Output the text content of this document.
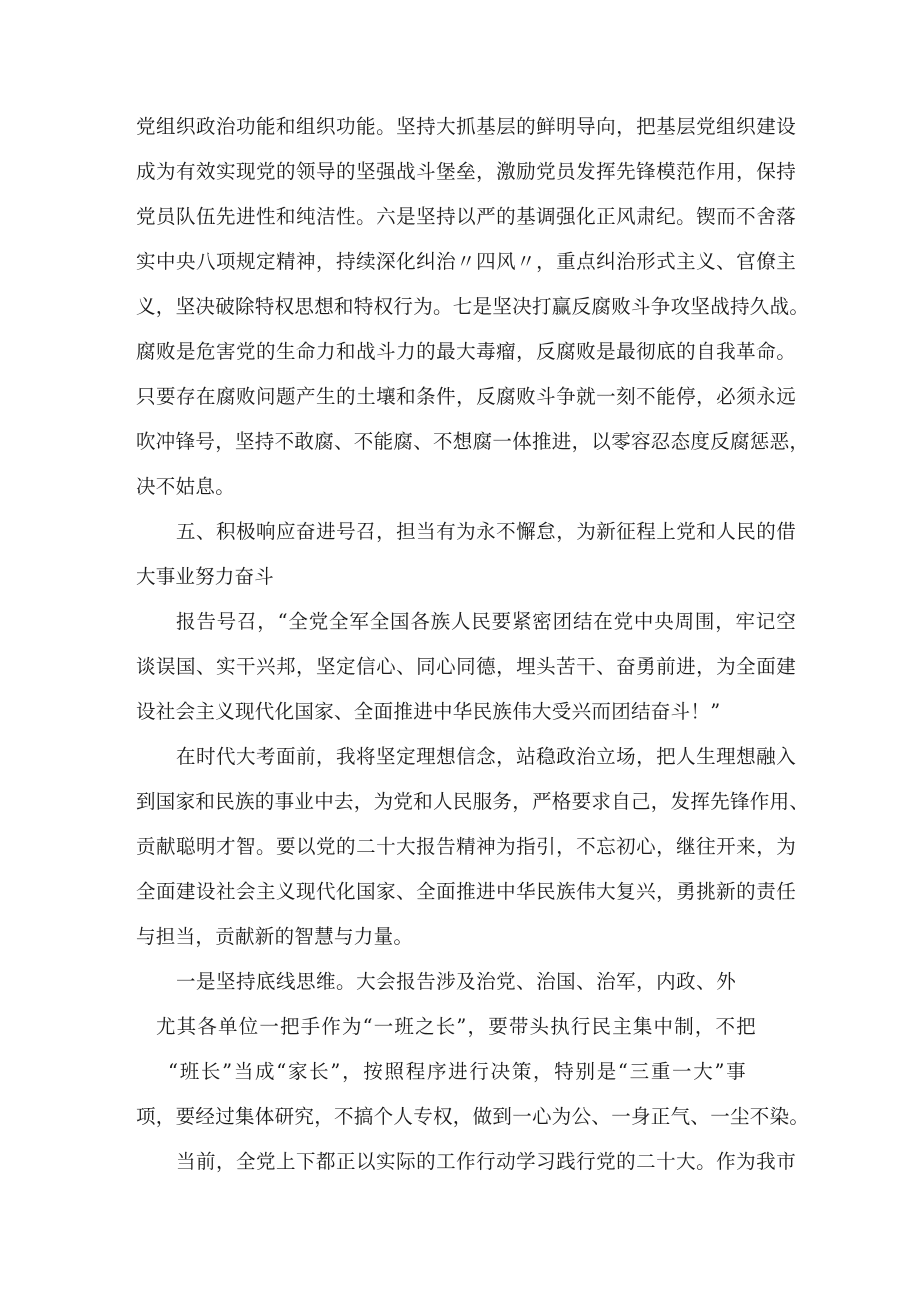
党组织政治功能和组织功能。坚持大抓基层的鲜明导向，把基层党组织建设
成为有效实现党的领导的坚强战斗堡垒，激励党员发挥先锋模范作用，保持
党员队伍先进性和纯洁性。六是坚持以严的基调强化正风肃纪。锲而不舍落
实中央八项规定精神，持续深化纠治〃四风〃，重点纠治形式主义、官僚主
义，坚决破除特权思想和特权行为。七是坚决打赢反腐败斗争攻坚战持久战。
腐败是危害党的生命力和战斗力的最大毒瘤，反腐败是最彻底的自我革命。
只要存在腐败问题产生的土壤和条件，反腐败斗争就一刻不能停，必须永远
吹冲锋号，坚持不敢腐、不能腐、不想腐一体推进，以零容忍态度反腐惩恶，
决不姑息。
五、积极响应奋进号召，担当有为永不懈怠，为新征程上党和人民的借
大事业努力奋斗
报告号召，“全党全军全国各族人民要紧密团结在党中央周围，牢记空
谈误国、实干兴邦，坚定信心、同心同德，埋头苦干、奋勇前进，为全面建
设社会主义现代化国家、全面推进中华民族伟大受兴而团结奋斗！”
在时代大考面前，我将坚定理想信念，站稳政治立场，把人生理想融入
到国家和民族的事业中去，为党和人民服务，严格要求自己，发挥先锋作用、
贡献聪明才智。要以党的二十大报告精神为指引，不忘初心，继往开来，为
全面建设社会主义现代化国家、全面推进中华民族伟大复兴，勇挑新的责任
与担当，贡献新的智慧与力量。
一是坚持底线思维。大会报告涉及治党、治国、治军，内政、外
尤其各单位一把手作为“一班之长”，要带头执行民主集中制，不把
“班长”当成“家长”，按照程序进行决策，特别是“三重一大”事
项，要经过集体研究，不搞个人专权，做到一心为公、一身正气、一尘不染。
当前，全党上下都正以实际的工作行动学习践行党的二十大。作为我市
